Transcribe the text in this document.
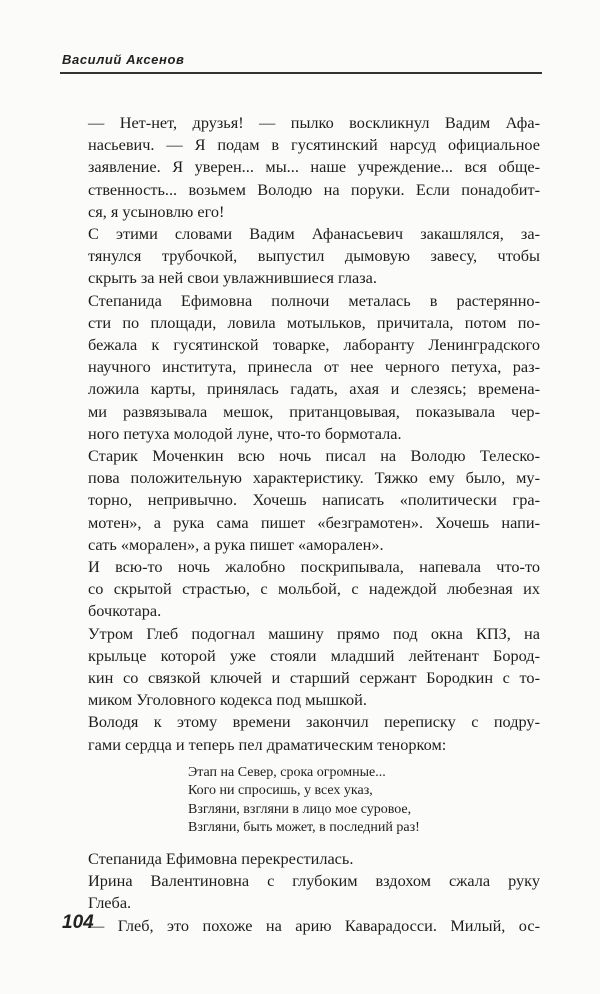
Василий Аксенов
— Нет-нет, друзья! — пылко воскликнул Вадим Афа-
насьевич. — Я подам в гусятинский нарсуд официальное
заявление. Я уверен... мы... наше учреждение... вся обще-
ственность... возьмем Володю на поруки. Если понадобит-
ся, я усыновлю его!
С этими словами Вадим Афанасьевич закашлялся, за-
тянулся трубочкой, выпустил дымовую завесу, чтобы
скрыть за ней свои увлажнившиеся глаза.
Степанида Ефимовна полночи металась в растерянно-
сти по площади, ловила мотыльков, причитала, потом по-
бежала к гусятинской товарке, лаборанту Ленинградского
научного института, принесла от нее черного петуха, раз-
ложила карты, принялась гадать, ахая и слезясь; времена-
ми развязывала мешок, пританцовывая, показывала чер-
ного петуха молодой луне, что-то бормотала.
Старик Моченкин всю ночь писал на Володю Телеско-
пова положительную характеристику. Тяжко ему было, му-
торно, непривычно. Хочешь написать «политически гра-
мотен», а рука сама пишет «безграмотен». Хочешь напи-
сать «морален», а рука пишет «аморален».
И всю-то ночь жалобно поскрипывала, напевала что-то
со скрытой страстью, с мольбой, с надеждой любезная их
бочкотара.
Утром Глеб подогнал машину прямо под окна КПЗ, на
крыльце которой уже стояли младший лейтенант Бород-
кин со связкой ключей и старший сержант Бородкин с то-
миком Уголовного кодекса под мышкой.
Володя к этому времени закончил переписку с подру-
гами сердца и теперь пел драматическим тенорком:
Этап на Север, срока огромные...
Кого ни спросишь, у всех указ,
Взгляни, взгляни в лицо мое суровое,
Взгляни, быть может, в последний раз!
Степанида Ефимовна перекрестилась.
Ирина Валентиновна с глубоким вздохом сжала руку
Глеба.
— Глеб, это похоже на арию Каварадосси. Милый, ос-
104
